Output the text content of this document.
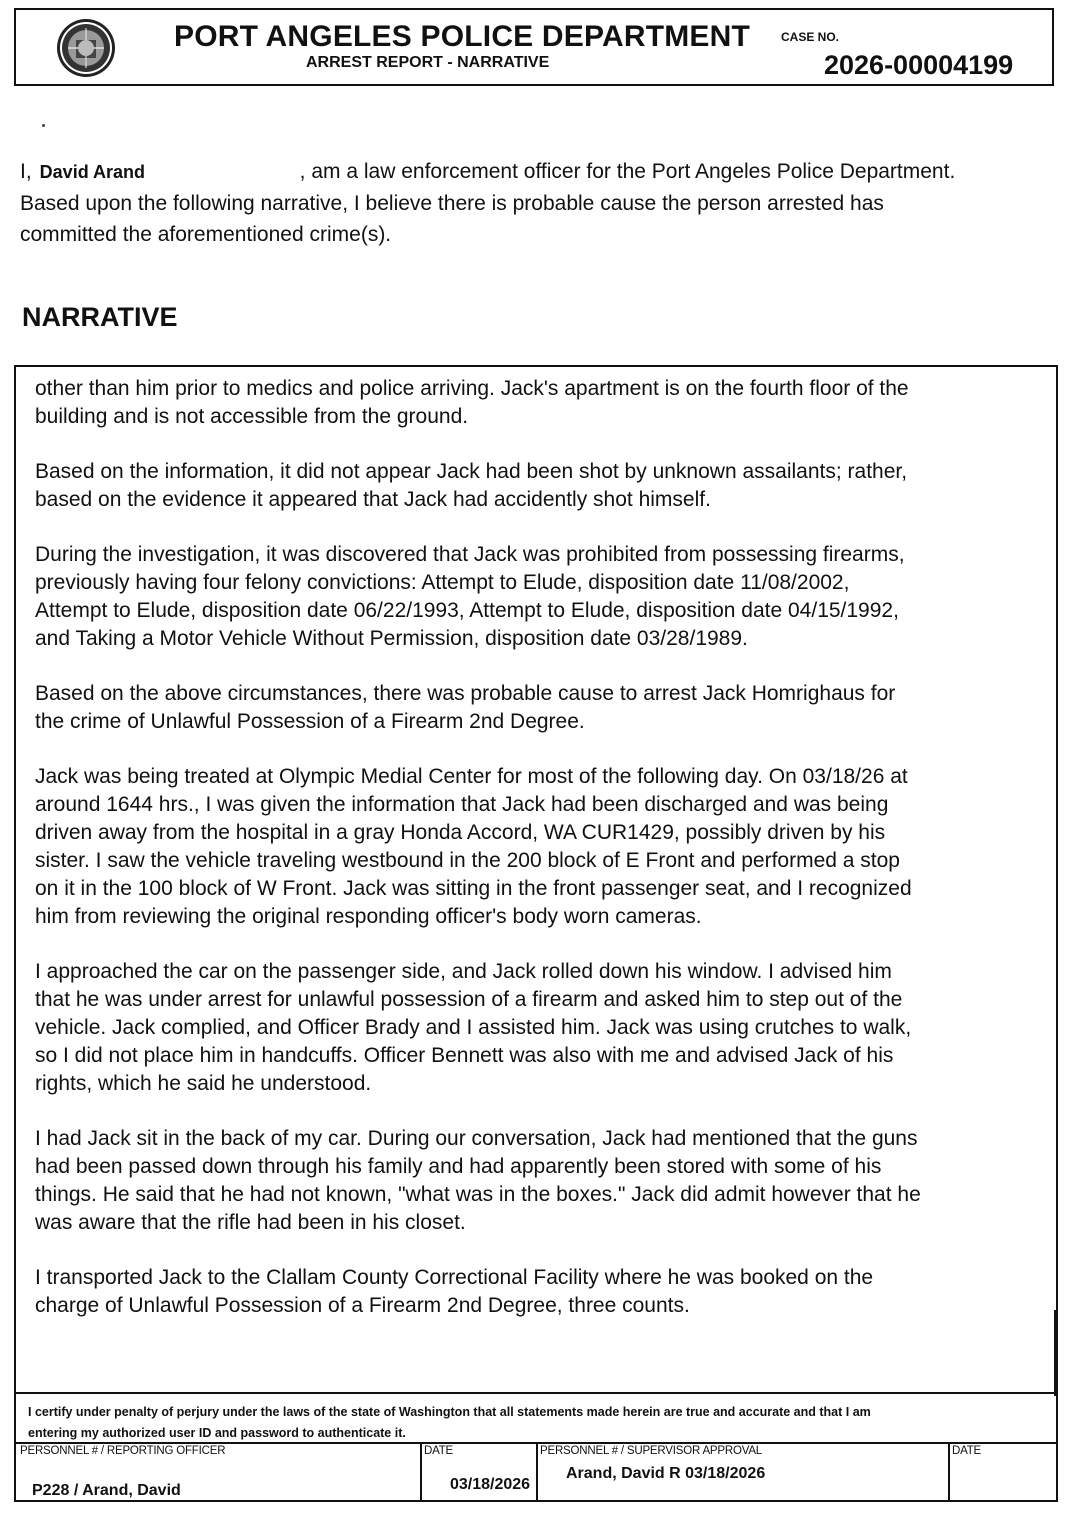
PORT ANGELES POLICE DEPARTMENT
ARREST REPORT - NARRATIVE
CASE NO.
2026-00004199
I, David Arand	, am a law enforcement officer for the Port Angeles Police Department.
Based upon the following narrative, I believe there is probable cause the person arrested has
committed the aforementioned crime(s).
NARRATIVE

other than him prior to medics and police arriving. Jack's apartment is on the fourth floor of the
building and is not accessible from the ground.

Based on the information, it did not appear Jack had been shot by unknown assailants; rather,
based on the evidence it appeared that Jack had accidently shot himself.

During the investigation, it was discovered that Jack was prohibited from possessing firearms,
previously having four felony convictions: Attempt to Elude, disposition date 11/08/2002,
Attempt to Elude, disposition date 06/22/1993, Attempt to Elude, disposition date 04/15/1992,
and Taking a Motor Vehicle Without Permission, disposition date 03/28/1989.

Based on the above circumstances, there was probable cause to arrest Jack Homrighaus for
the crime of Unlawful Possession of a Firearm 2nd Degree.

Jack was being treated at Olympic Medial Center for most of the following day. On 03/18/26 at
around 1644 hrs., I was given the information that Jack had been discharged and was being
driven away from the hospital in a gray Honda Accord, WA CUR1429, possibly driven by his
sister. I saw the vehicle traveling westbound in the 200 block of E Front and performed a stop
on it in the 100 block of W Front. Jack was sitting in the front passenger seat, and I recognized
him from reviewing the original responding officer's body worn cameras.

I approached the car on the passenger side, and Jack rolled down his window. I advised him
that he was under arrest for unlawful possession of a firearm and asked him to step out of the
vehicle. Jack complied, and Officer Brady and I assisted him. Jack was using crutches to walk,
so I did not place him in handcuffs. Officer Bennett was also with me and advised Jack of his
rights, which he said he understood.

I had Jack sit in the back of my car. During our conversation, Jack had mentioned that the guns
had been passed down through his family and had apparently been stored with some of his
things. He said that he had not known, "what was in the boxes." Jack did admit however that he
was aware that the rifle had been in his closet.

I transported Jack to the Clallam County Correctional Facility where he was booked on the
charge of Unlawful Possession of a Firearm 2nd Degree, three counts.

I certify under penalty of perjury under the laws of the state of Washington that all statements made herein are true and accurate and that I am
entering my authorized user ID and password to authenticate it.
PERSONNEL # / REPORTING OFFICER
P228 / Arand, David
DATE
03/18/2026
PERSONNEL # / SUPERVISOR APPROVAL
Arand, David R 03/18/2026
DATE
